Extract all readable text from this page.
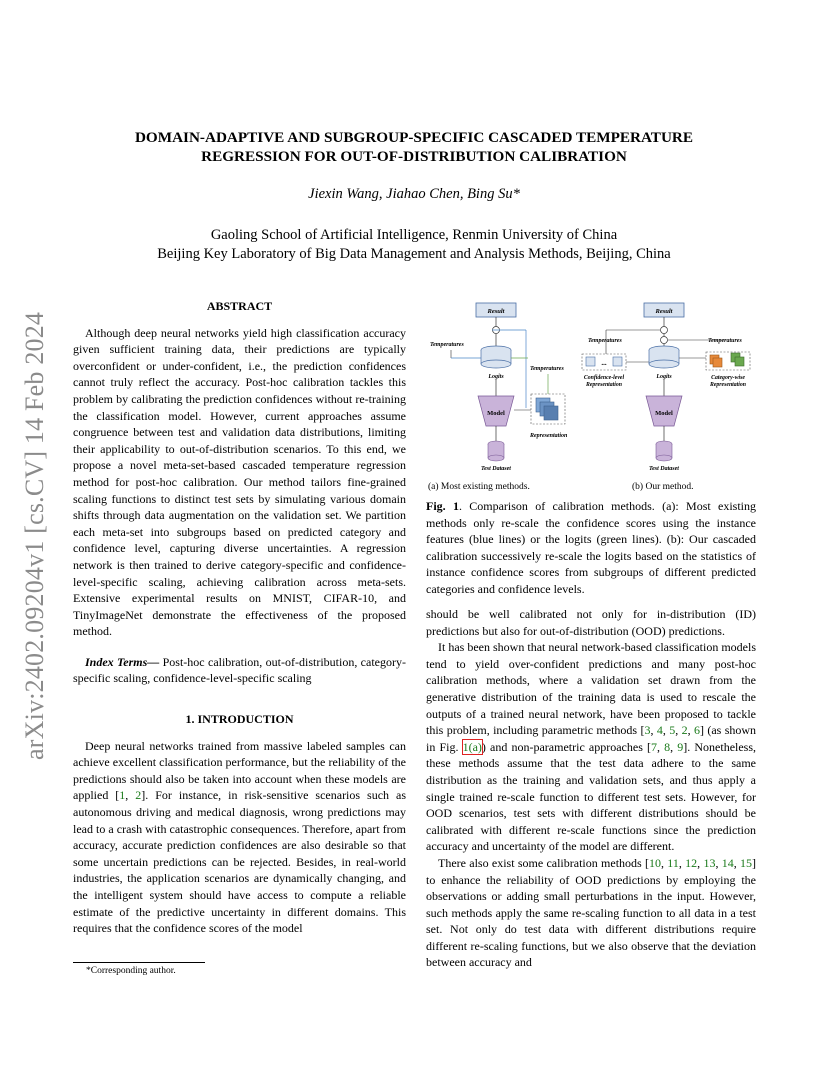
arXiv:2402.09204v1 [cs.CV] 14 Feb 2024
DOMAIN-ADAPTIVE AND SUBGROUP-SPECIFIC CASCADED TEMPERATURE
REGRESSION FOR OUT-OF-DISTRIBUTION CALIBRATION
Jiexin Wang, Jiahao Chen, Bing Su*
Gaoling School of Artificial Intelligence, Renmin University of China
Beijing Key Laboratory of Big Data Management and Analysis Methods, Beijing, China
ABSTRACT

Although deep neural networks yield high classification accuracy given sufficient training data, their predictions are typically overconfident or under-confident, i.e., the prediction confidences cannot truly reflect the accuracy. Post-hoc calibration tackles this problem by calibrating the prediction confidences without re-training the classification model. However, current approaches assume congruence between test and validation data distributions, limiting their applicability to out-of-distribution scenarios. To this end, we propose a novel meta-set-based cascaded temperature regression method for post-hoc calibration. Our method tailors fine-grained scaling functions to distinct test sets by simulating various domain shifts through data augmentation on the validation set. We partition each meta-set into subgroups based on predicted category and confidence level, capturing diverse uncertainties. A regression network is then trained to derive category-specific and confidence-level-specific scaling, achieving calibration across meta-sets. Extensive experimental results on MNIST, CIFAR-10, and TinyImageNet demonstrate the effectiveness of the proposed method.

Index Terms— Post-hoc calibration, out-of-distribution, category-specific scaling, confidence-level-specific scaling

1. INTRODUCTION

Deep neural networks trained from massive labeled samples can achieve excellent classification performance, but the reliability of the predictions should also be taken into account when these models are applied [1, 2]. For instance, in risk-sensitive scenarios such as autonomous driving and medical diagnosis, wrong predictions may lead to a crash with catastrophic consequences. Therefore, apart from accuracy, accurate prediction confidences are also desirable so that some uncertain predictions can be rejected. Besides, in real-world industries, the application scenarios are dynamically changing, and the intelligent system should have access to compute a reliable estimate of the predictive uncertainty in different domains. This requires that the confidence scores of the model

*Corresponding author.
Result
Temperatures
Logits
Temperatures
Model
Representation
Test Dataset
Result
Temperatures	Temperatures
...
Confidence-level
Representation
Logits	Category-wise
Representation
Model
Test Dataset
(a) Most existing methods.	(b) Our method.
Fig. 1. Comparison of calibration methods. (a): Most existing methods only re-scale the confidence scores using the instance features (blue lines) or the logits (green lines). (b): Our cascaded calibration successively re-scale the logits based on the statistics of instance confidence scores from subgroups of different predicted categories and confidence levels.

should be well calibrated not only for in-distribution (ID) predictions but also for out-of-distribution (OOD) predictions.

It has been shown that neural network-based classification models tend to yield over-confident predictions and many post-hoc calibration methods, where a validation set drawn from the generative distribution of the training data is used to rescale the outputs of a trained neural network, have been proposed to tackle this problem, including parametric methods [3, 4, 5, 2, 6] (as shown in Fig. 1(a)) and non-parametric approaches [7, 8, 9]. Nonetheless, these methods assume that the test data adhere to the same distribution as the training and validation sets, and thus apply a single trained re-scale function to different test sets. However, for OOD scenarios, test sets with different distributions should be calibrated with different re-scale functions since the prediction accuracy and uncertainty of the model are different.

There also exist some calibration methods [10, 11, 12, 13, 14, 15] to enhance the reliability of OOD predictions by employing the observations or adding small perturbations in the input. However, such methods apply the same re-scaling function to all data in a test set. Not only do test data with different distributions require different re-scaling functions, but we also observe that the deviation between accuracy and
